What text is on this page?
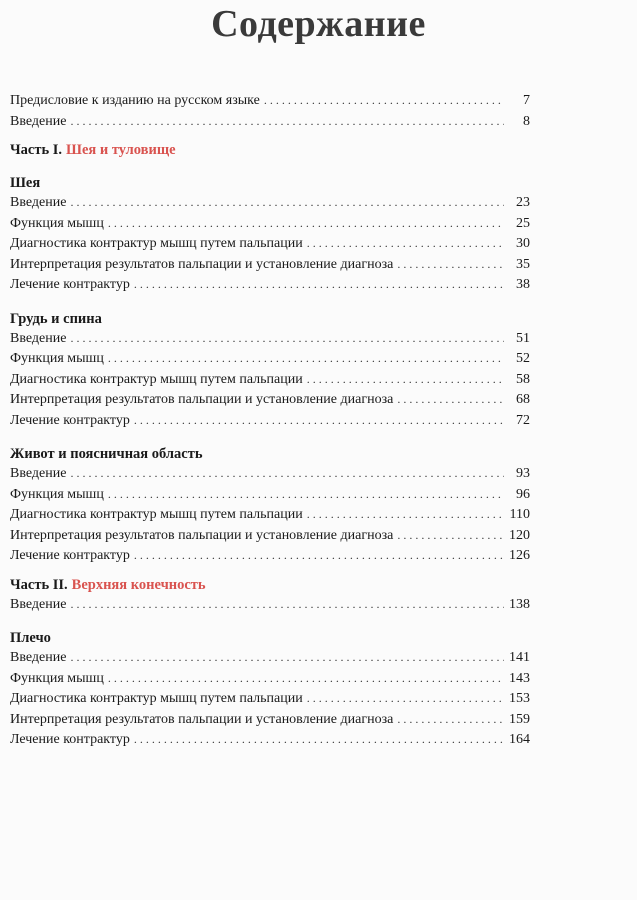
Содержание
Предисловие к изданию на русском языке . . .	7
Введение . . .	8
Часть I. Шея и туловище
Шея
Введение . . .	23
Функция мышц . . .	25
Диагностика контрактур мышц путем пальпации . . .	30
Интерпретация результатов пальпации и установление диагноза . . .	35
Лечение контрактур . . .	38
Грудь и спина
Введение . . .	51
Функция мышц . . .	52
Диагностика контрактур мышц путем пальпации . . .	58
Интерпретация результатов пальпации и установление диагноза . . .	68
Лечение контрактур . . .	72
Живот и поясничная область
Введение . . .	93
Функция мышц . . .	96
Диагностика контрактур мышц путем пальпации . . .	110
Интерпретация результатов пальпации и установление диагноза . . .	120
Лечение контрактур . . .	126
Часть II. Верхняя конечность
Введение . . .	138
Плечо
Введение . . .	141
Функция мышц . . .	143
Диагностика контрактур мышц путем пальпации . . .	153
Интерпретация результатов пальпации и установление диагноза . . .	159
Лечение контрактур . . .	164
